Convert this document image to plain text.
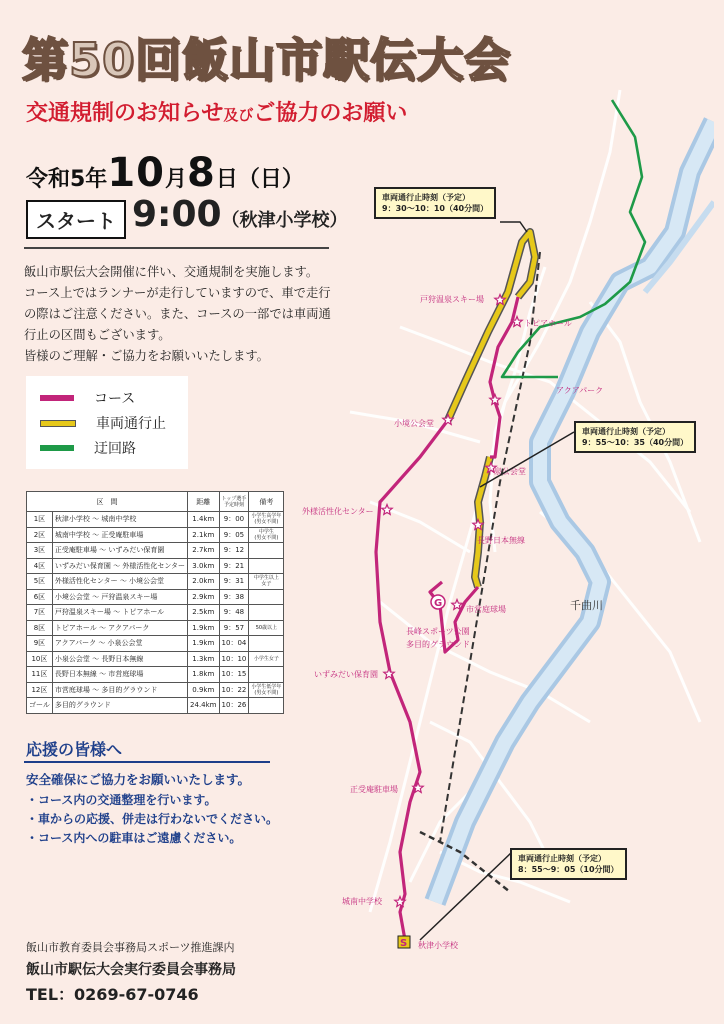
第50回飯山市駅伝大会
交通規制のお知らせ及びご協力のお願い
令和5年10月8日（日）
スタート 9:00（秋津小学校）

飯山市駅伝大会開催に伴い、交通規制を実施します。
コース上ではランナーが走行していますので、車で走行
の際はご注意ください。また、コースの一部では車両通
行止の区間もございます。
皆様のご理解・ご協力をお願いいたします。

コース
車両通行止
迂回路
区　間		距離	トップ選手
予定時刻	備考
1区	秋津小学校 〜 城南中学校	1.4km	9：00	小学生高学年
(男女不問)
2区	城南中学校 〜 正受庵駐車場	2.1km	9：05	中学生
(男女不問)
3区	正受庵駐車場 〜 いずみだい保育園	2.7km	9：12	
4区	いずみだい保育園 〜 外様活性化センター	3.0km	9：21	
5区	外様活性化センター 〜 小境公会堂	2.0km	9：31	中学生以上
女子
6区	小境公会堂 〜 戸狩温泉スキー場	2.9km	9：38	
7区	戸狩温泉スキー場 〜 トピアホール	2.5km	9：48	
8区	トピアホール 〜 アクアパーク	1.9km	9：57	50歳以上
9区	アクアパーク 〜 小泉公会堂	1.9km	10：04	
10区	小泉公会堂 〜 長野日本無線	1.3km	10：10	小学生女子
11区	長野日本無線 〜 市営庭球場	1.8km	10：15	
12区	市営庭球場 〜 多目的グラウンド	0.9km	10：22	小学生低学年
(男女不問)
ゴール	多目的グラウンド	24.4km	10：26	
応援の皆様へ
安全確保にご協力をお願いいたします。
・コース内の交通整理を行います。
・車からの応援、併走は行わないでください。
・コース内への駐車はご遠慮ください。
飯山市教育委員会事務局スポーツ推進課内
飯山市駅伝大会実行委員会事務局
TEL：0269-67-0746
G
S
戸狩温泉スキー場
トピアホール
アクアパーク
小境公会堂
小泉公会堂
外様活性化センター
長野日本無線
市営庭球場
長峰スポーツ公園
多目的グラウンド
いずみだい保育園
正受庵駐車場
城南中学校
秋津小学校
千曲川
車両通行止時刻（予定）
9：30〜10：10（40分間）
車両通行止時刻（予定）
9：55〜10：35（40分間）
車両通行止時刻（予定）
8：55〜9：05（10分間）
